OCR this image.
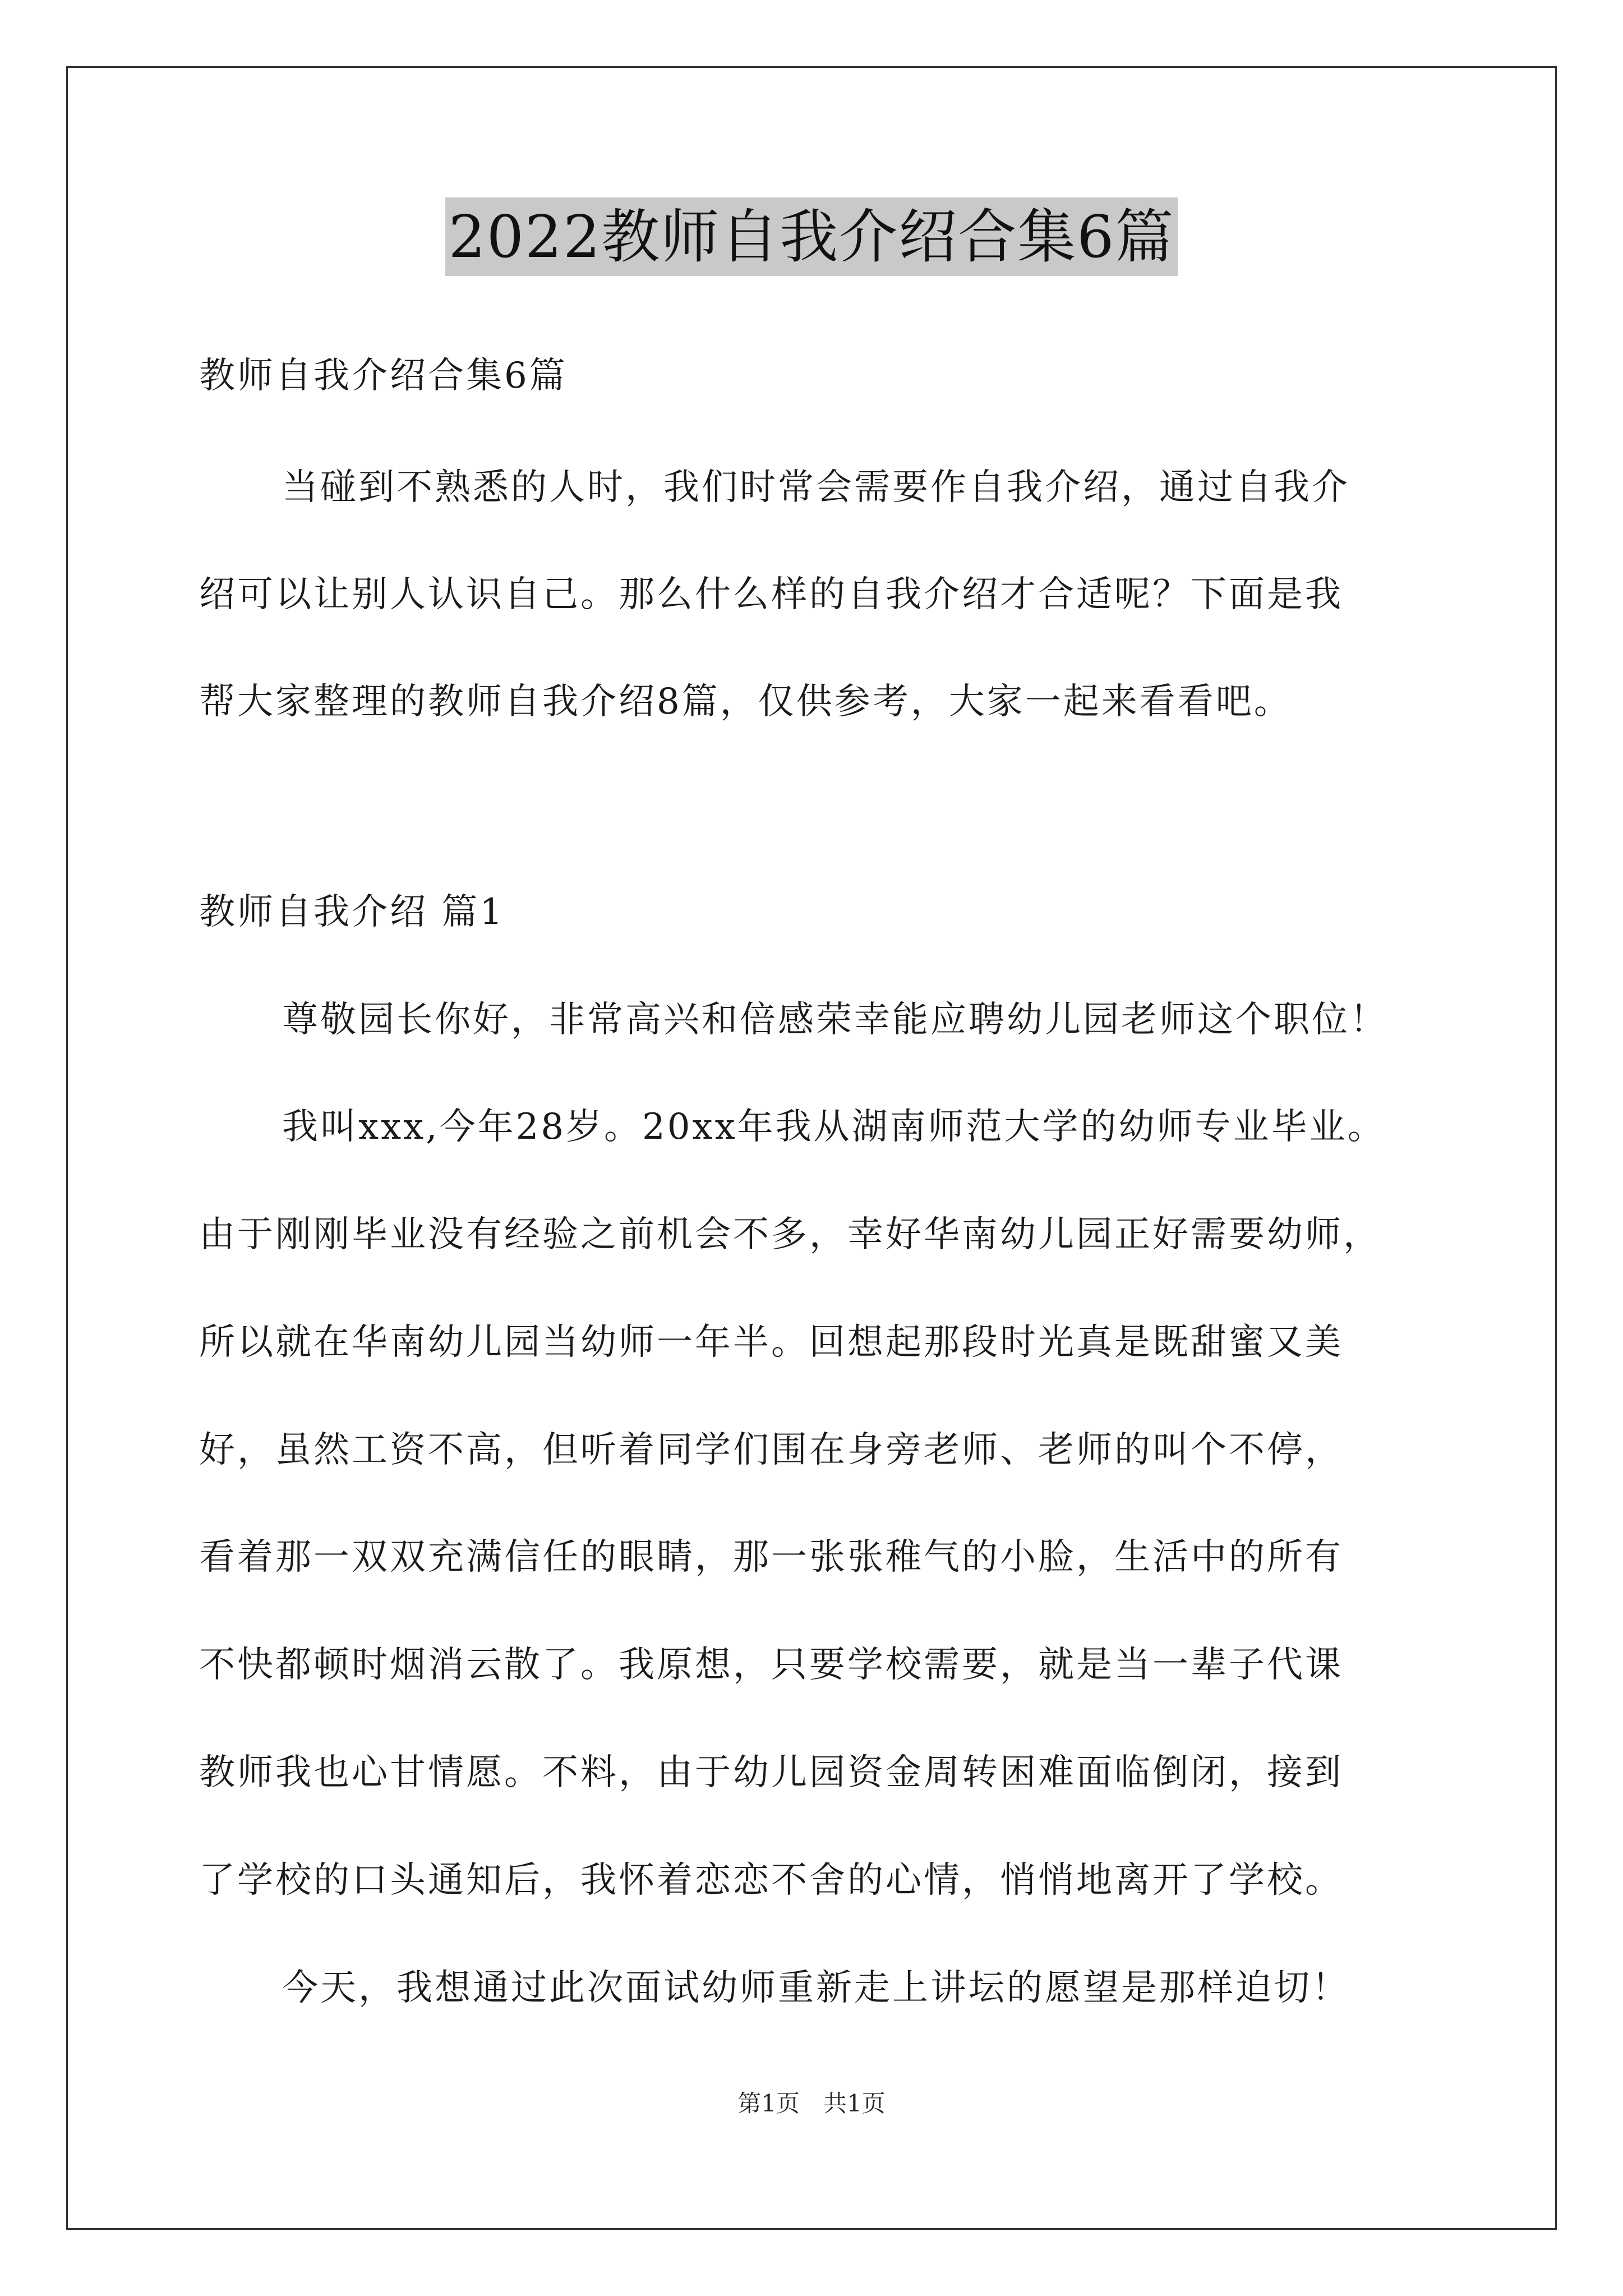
2022教师自我介绍合集6篇
教师自我介绍合集6篇
当碰到不熟悉的人时，我们时常会需要作自我介绍，通过自我介
绍可以让别人认识自己。那么什么样的自我介绍才合适呢？下面是我
帮大家整理的教师自我介绍8篇，仅供参考，大家一起来看看吧。
教师自我介绍 篇1
尊敬园长你好，非常高兴和倍感荣幸能应聘幼儿园老师这个职位！
我叫xxx,今年28岁。20xx年我从湖南师范大学的幼师专业毕业。
由于刚刚毕业没有经验之前机会不多，幸好华南幼儿园正好需要幼师，
所以就在华南幼儿园当幼师一年半。回想起那段时光真是既甜蜜又美
好，虽然工资不高，但听着同学们围在身旁老师、老师的叫个不停，
看着那一双双充满信任的眼睛，那一张张稚气的小脸，生活中的所有
不快都顿时烟消云散了。我原想，只要学校需要，就是当一辈子代课
教师我也心甘情愿。不料，由于幼儿园资金周转困难面临倒闭，接到
了学校的口头通知后，我怀着恋恋不舍的心情，悄悄地离开了学校。
今天，我想通过此次面试幼师重新走上讲坛的愿望是那样迫切！
第1页　共1页
